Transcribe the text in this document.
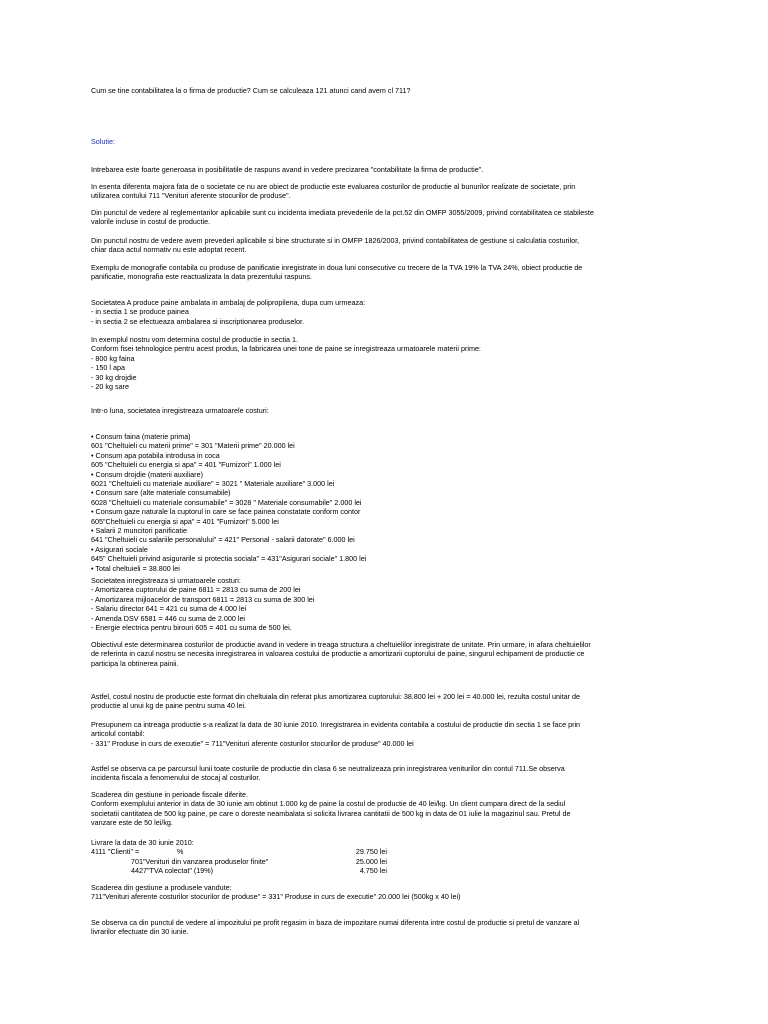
Cum se tine contabilitatea la o firma de productie? Cum se calculeaza 121 atunci cand avem cl 711?

Solutie:

Intrebarea este foarte generoasa in posibilitatile de raspuns avand in vedere precizarea "contabilitate la firma de productie".

In esenta diferenta majora fata de o societate ce nu are obiect de productie este evaluarea costurilor de productie al bunurilor realizate de societate, prin
utilizarea contului 711 "Venituri aferente stocurilor de produse".

Din punctul de vedere al reglementarilor aplicabile sunt cu incidenta imediata prevederile de la pct.52 din OMFP 3055/2009, privind contabilitatea ce stabileste
valorile incluse in costul de productie.

Din punctul nostru de vedere avem prevederi aplicabile si bine structurate si in OMFP 1826/2003, privind contabilitatea de gestiune si calculatia costurilor,
chiar daca actul normativ nu este adoptat recent.

Exemplu de monografie contabila cu produse de panificatie inregistrate in doua luni consecutive cu trecere de la TVA 19% la TVA 24%, obiect productie de
panificatie, monografia este reactualizata la data prezentului raspuns.

Societatea A produce paine ambalata in ambalaj de polipropilena, dupa cum urmeaza:
- in sectia 1 se produce painea
- in sectia 2 se efectueaza ambalarea si inscriptionarea produselor.

In exemplul nostru vom determina costul de productie in sectia 1.
Conform fisei tehnologice pentru acest produs, la fabricarea unei tone de paine se inregistreaza urmatoarele materii prime:
- 800 kg faina
- 150 l apa
- 30 kg drojdie
- 20 kg sare

Intr-o luna, societatea inregistreaza urmatoarele costuri:

• Consum faina (materie prima)
601 "Cheltuieli cu materii prime" = 301 "Materii prime" 20.000 lei
• Consum apa potabila introdusa in coca
605 "Cheltuieli cu energia si apa" = 401 "Furnizori" 1.000 lei
• Consum drojdie (materii auxiliare)
6021 "Cheltuieli cu materiale auxiliare" = 3021 " Materiale auxiliare" 3.000 lei
• Consum sare (alte materiale consumabile)
6028 "Cheltuieli cu materiale consumabile" = 3028 " Materiale consumabile" 2.000 lei
• Consum gaze naturale la cuptorul in care se face painea constatate conform contor
605"Cheltuieli cu energia si apa" = 401 "Furnizori" 5.000 lei
• Salarii 2 muncitori panificatie
641 "Cheltuieli cu salariile personalului" = 421" Personal - salarii datorate" 6.000 lei
• Asigurari sociale
645" Cheltuieli privind asigurarile si protectia sociala" = 431"Asigurari sociale" 1.800 lei
• Total cheltuieli = 38.800 lei

Societatea inregistreaza si urmatoarele costuri:
- Amortizarea cuptorului de paine 6811 = 2813 cu suma de 200 lei
- Amortizarea mijloacelor de transport 6811 = 2813 cu suma de 300 lei
- Salariu director 641 = 421 cu suma de 4.000 lei
- Amenda DSV 6581 = 446 cu suma de 2.000 lei
- Energie electrica pentru birouri 605 = 401 cu suma de 500 lei.

Obiectivul este determinarea costurilor de productie avand in vedere in treaga structura a cheltuielilor inregistrate de unitate. Prin urmare, in afara cheltuielilor
de referinta in cazul nostru se necesita inregistrarea in valoarea costului de productie a amortizarii cuptorului de paine, singurul echipament de productie ce
participa la obtinerea painii.

Astfel, costul nostru de productie este format din cheltuiala din referat plus amortizarea cuptorului: 38.800 lei + 200 lei = 40.000 lei, rezulta costul unitar de
productie al unui kg de paine pentru suma 40 lei.

Presupunem ca intreaga productie s-a realizat la data de 30 iunie 2010. Inregistrarea in evidenta contabila a costului de productie din sectia 1 se face prin
articolul contabil:
- 331" Produse in curs de executie" = 711"Venituri aferente costurilor stocurilor de produse" 40.000 lei

Astfel se observa ca pe parcursul lunii toate costurile de productie din clasa 6 se neutralizeaza prin inregistrarea veniturilor din contul 711.Se observa
incidenta fiscala a fenomenului de stocaj al costurilor.

Scaderea din gestiune in perioade fiscale diferite.
Conform exemplului anterior in data de 30 iunie am obtinut 1.000 kg de paine la costul de productie de 40 lei/kg. Un client cumpara direct de la sediul
societatii cantitatea de 500 kg paine, pe care o doreste neambalata si solicita livrarea cantitatii de 500 kg in data de 01 iulie la magazinul sau. Pretul de
vanzare este de 50 lei/kg.

Livrare la data de 30 iunie 2010:
4111 "Clienti" =	%	29.750 lei
701"Venituri din vanzarea produselor finite"	25.000 lei
4427"TVA colectat" (19%)	4.750 lei

Scaderea din gestiune a produsele vandute:
711"Venituri aferente costurilor stocurilor de produse" = 331" Produse in curs de executie" 20.000 lei (500kg x 40 lei)

Se observa ca din punctul de vedere al impozitului pe profit regasim in baza de impozitare numai diferenta intre costul de productie si pretul de vanzare al
livrarilor efectuate din 30 iunie.
